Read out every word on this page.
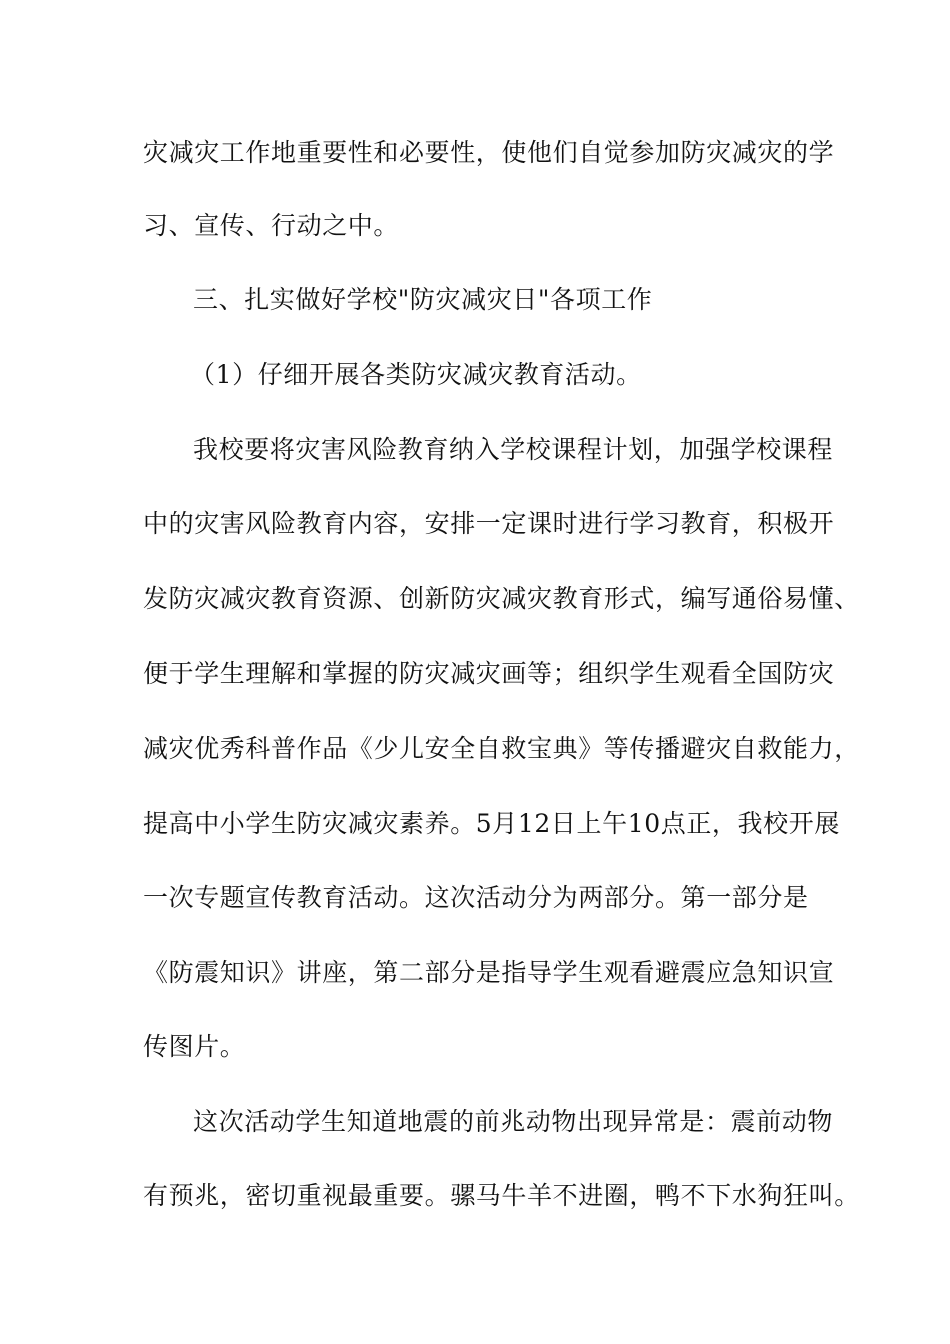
灾减灾工作地重要性和必要性，使他们自觉参加防灾减灾的学
习、宣传、行动之中。
三、扎实做好学校"防灾减灾日"各项工作
（1）仔细开展各类防灾减灾教育活动。
我校要将灾害风险教育纳入学校课程计划，加强学校课程
中的灾害风险教育内容，安排一定课时进行学习教育，积极开
发防灾减灾教育资源、创新防灾减灾教育形式，编写通俗易懂、
便于学生理解和掌握的防灾减灾画等；组织学生观看全国防灾
减灾优秀科普作品《少儿安全自救宝典》等传播避灾自救能力，
提高中小学生防灾减灾素养。5月12日上午10点正，我校开展
一次专题宣传教育活动。这次活动分为两部分。第一部分是
《防震知识》讲座，第二部分是指导学生观看避震应急知识宣
传图片。
这次活动学生知道地震的前兆动物出现异常是：震前动物
有预兆，密切重视最重要。骡马牛羊不进圈，鸭不下水狗狂叫。
